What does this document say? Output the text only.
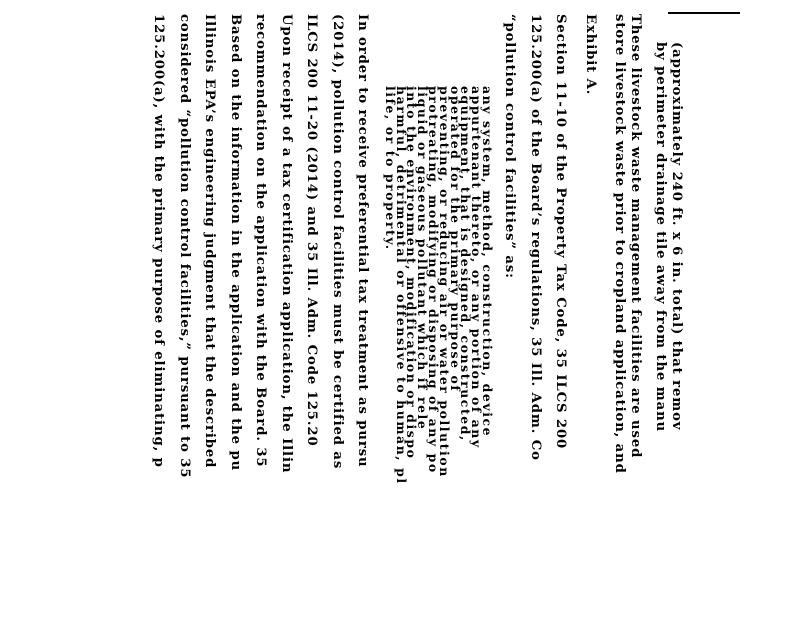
(approximately 240 ft. x 6 in. total) that remov
by perimeter drainage tile away from the manu
These livestock waste management facilities are used
store livestock waste prior to cropland application, and
Exhibit A.
Section 11-10 of the Property Tax Code, 35 ILCS 200
125.200(a) of the Board’s regulations, 35 Ill. Adm. Co
“pollution control facilities” as:
any system, method, construction, device
appurtenant thereto, or any portion of any
equipment, that is designed, constructed,
operated for the primary purpose of
preventing, or reducing air or water pollution
protreating, modifying or disposing of any po
liquid or gaseous pollutant which if rele
into the environment, modification or dispo
harmful, detrimental or offensive to human, pl
life, or to property.
In order to receive preferential tax treatment as pursu
(2014), pollution control facilities must be certified as
ILCS 200 11-20 (2014) and 35 Ill. Adm. Code 125.20
Upon receipt of a tax certification application, the Illin
recommendation on the application with the Board. 35
Based on the information in the application and the pu
Illinois EPA’s engineering judgment that the described
considered “pollution control facilities,” pursuant to 35
125.200(a), with the primary purpose of eliminating, p
